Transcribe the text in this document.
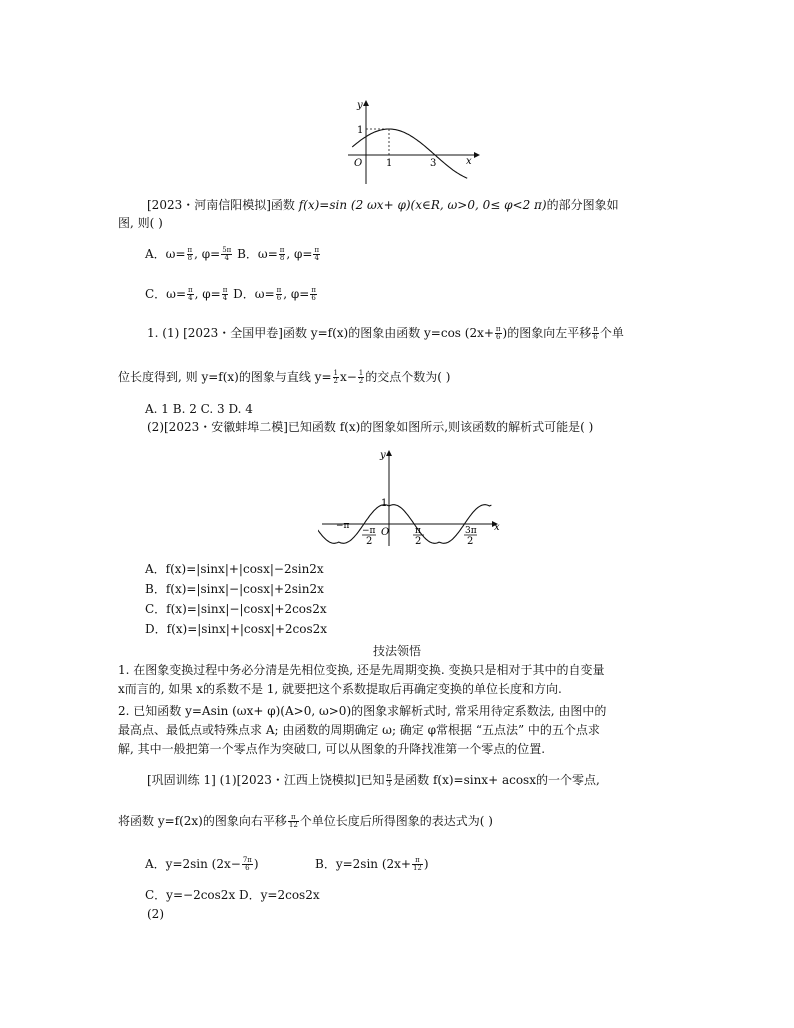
y
1
O 1	3	x
[2023・河南信阳模拟]函数 f(x)=sin (2 ωx+ φ)(x∈R, ω>0, 0≤ φ<2 π)的部分图象如
图, 则( )
A．$\omega= \frac{\pi}{8}$ , $\varphi= \frac{5\pi}{4}$ B．$\omega= \frac{\pi}{8}$ , $\varphi= \frac{\pi}{4}$
C．$\omega= \frac{\pi}{4}$ , $\varphi= \frac{\pi}{4}$ D．$\omega= \frac{\pi}{6}$ , $\varphi= \frac{\pi}{6}$
1. (1) [2023・全国甲卷]函数 y=f(x)的图象由函数 y=cos ($2x+ \frac{\pi}{6}$ )的图象向左平移 $\frac{\pi}{6}$ 个单
位长度得到, 则 y=f(x)的图象与直线 $y= \frac{1}{2} x- \frac{1}{2}$ 的交点个数为( )
A. 1 B. 2 C. 3 D. 4
(2)[2023・安徽蚌埠二模]已知函数 f(x)的图象如图所示,则该函数的解析式可能是( )
y
x
1
O
−π −π
2
π
2
3π
2
A．f(x)=|sinx|+|cosx|−2sin2x
B．f(x)=|sinx|−|cosx|+2sin2x
C．f(x)=|sinx|−|cosx|+2cos2x
D．f(x)=|sinx|+|cosx|+2cos2x
技法领悟
1. 在图象变换过程中务必分清是先相位变换, 还是先周期变换. 变换只是相对于其中的自变量
x而言的, 如果 x的系数不是 1, 就要把这个系数提取后再确定变换的单位长度和方向.
2. 已知函数 y=Asin (ωx+ φ)(A>0, ω>0)的图象求解析式时, 常采用待定系数法, 由图中的
最高点、最低点或特殊点求 A; 由函数的周期确定 ω; 确定 φ常根据 “五点法” 中的五个点求
解, 其中一般把第一个零点作为突破口, 可以从图象的升降找准第一个零点的位置.
[巩固训练 1] (1)[2023・江西上饶模拟]已知 $\frac{\pi}{3}$ 是函数 f(x)=sinx+ acosx的一个零点,
将函数 y=f(2x)的图象向右平移 $\frac{\pi}{12}$ 个单位长度后所得图象的表达式为( )
A．y=2sin ($2x- \frac{7\pi}{6}$ )	B．y=2sin ($2x+ \frac{\pi}{12}$ )
C．y=−2cos2x D．y=2cos2x
(2)
